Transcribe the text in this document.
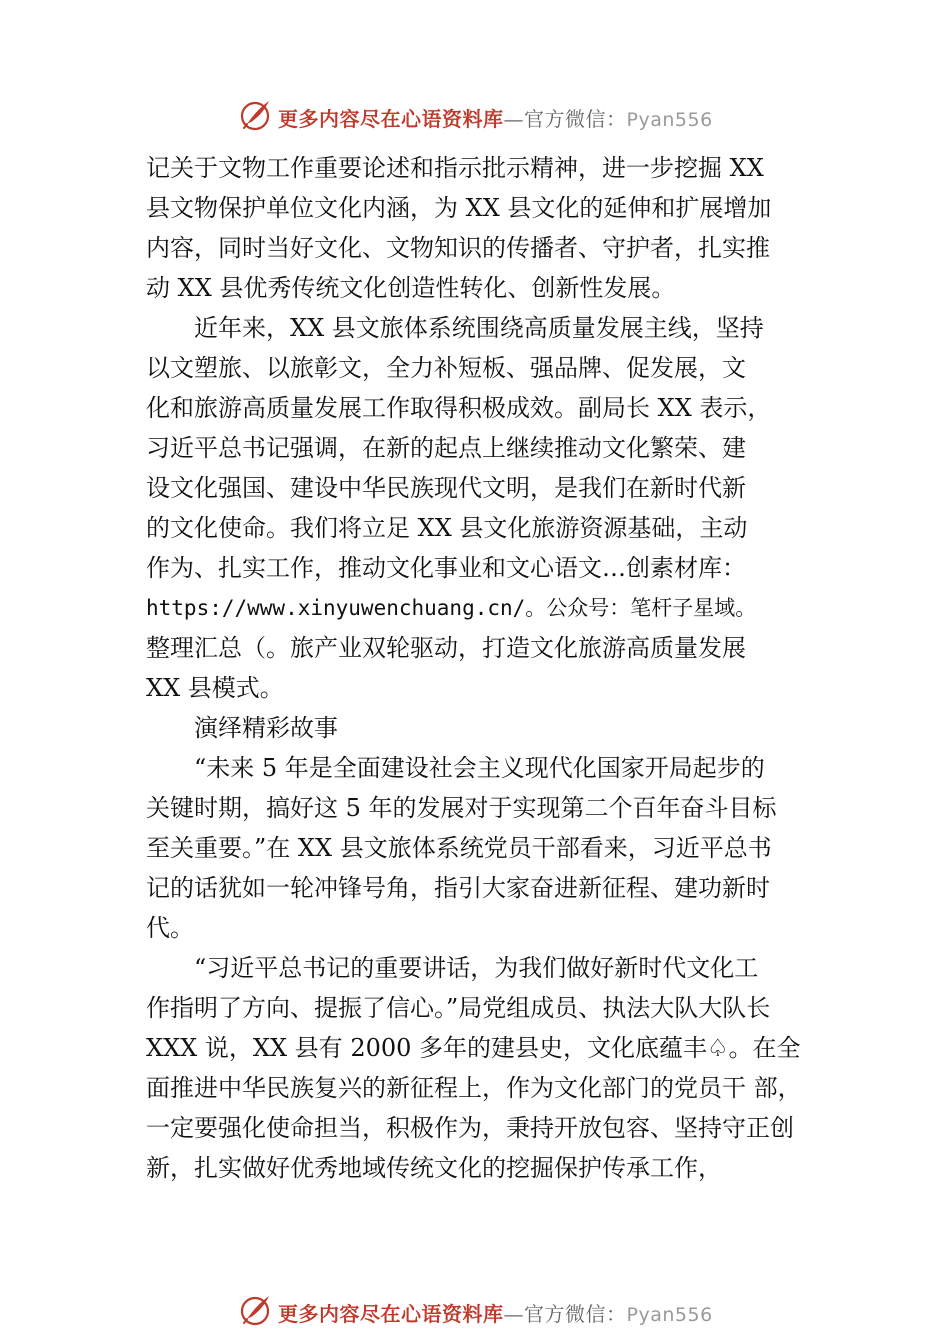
更多内容尽在心语资料库—官方微信：Pyan556
记关于文物工作重要论述和指示批示精神，进一步挖掘 XX
县文物保护单位文化内涵，为 XX 县文化的延伸和扩展增加
内容，同时当好文化、文物知识的传播者、守护者，扎实推
动 XX 县优秀传统文化创造性转化、创新性发展。
近年来，XX 县文旅体系统围绕高质量发展主线，坚持
以文塑旅、以旅彰文，全力补短板、强品牌、促发展，文
化和旅游高质量发展工作取得积极成效。副局长 XX 表示，
习近平总书记强调，在新的起点上继续推动文化繁荣、建
设文化强国、建设中华民族现代文明，是我们在新时代新
的文化使命。我们将立足 XX 县文化旅游资源基础，主动
作为、扎实工作，推动文化事业和文心语文…创素材库：
https://www.xinyuwenchuang.cn/。公众号：笔杆子星域。
整理汇总（。旅产业双轮驱动，打造文化旅游高质量发展
XX 县模式。
演绎精彩故事
“未来 5 年是全面建设社会主义现代化国家开局起步的
关键时期，搞好这 5 年的发展对于实现第二个百年奋斗目标
至关重要。”在 XX 县文旅体系统党员干部看来，习近平总书
记的话犹如一轮冲锋号角，指引大家奋进新征程、建功新时
代。
“习近平总书记的重要讲话，为我们做好新时代文化工
作指明了方向、提振了信心。”局党组成员、执法大队大队长
XXX 说，XX 县有 2000 多年的建县史，文化底蕴丰♤。在全
面推进中华民族复兴的新征程上，作为文化部门的党员干 部，
一定要强化使命担当，积极作为，秉持开放包容、坚持守正创
新，扎实做好优秀地域传统文化的挖掘保护传承工作，
更多内容尽在心语资料库—官方微信：Pyan556
